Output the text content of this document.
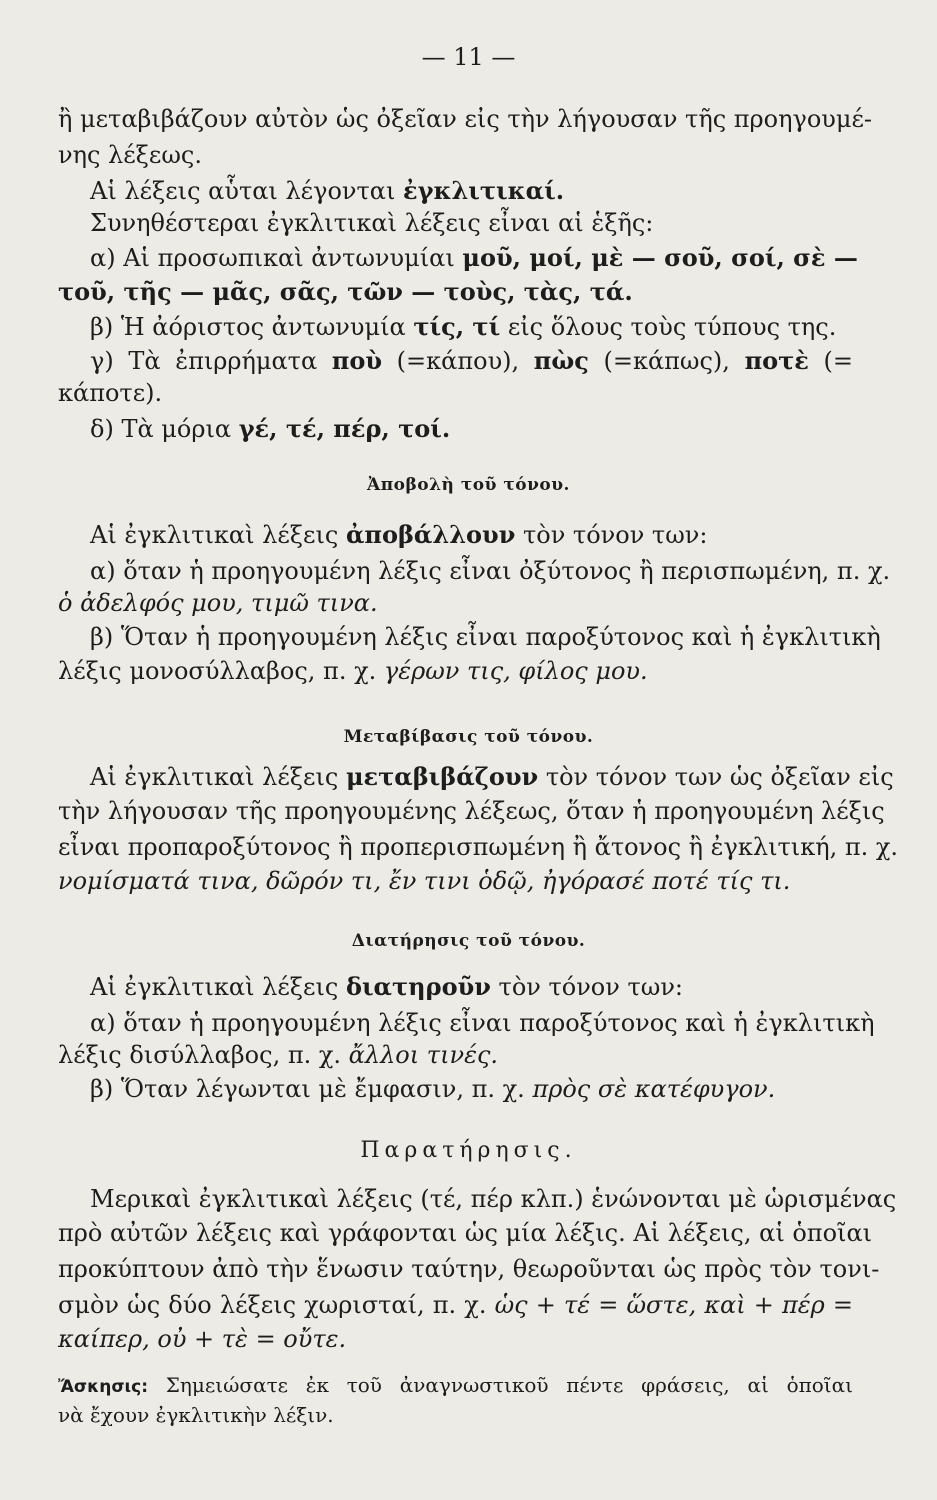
— 11 —
ἢ μεταβιβάζουν αὐτὸν ὡς ὀξεῖαν εἰς τὴν λήγουσαν τῆς προηγουμέ-
νης λέξεως.
Αἱ λέξεις αὗται λέγονται ἐγκλιτικαί.
Συνηθέστεραι ἐγκλιτικαὶ λέξεις εἶναι αἱ ἑξῆς:
α) Αἱ προσωπικαὶ ἀντωνυμίαι μοῦ, μοί, μὲ — σοῦ, σοί, σὲ —
τοῦ, τῆς — μᾶς, σᾶς, τῶν — τοὺς, τὰς, τά.
β) Ἡ ἀόριστος ἀντωνυμία τίς, τί εἰς ὅλους τοὺς τύπους της.
γ) Τὰ ἐπιρρήματα ποὺ (=κάπου), πὼς (=κάπως), ποτὲ (=
κάποτε).
δ) Τὰ μόρια γέ, τέ, πέρ, τοί.
Ἀποβολὴ τοῦ τόνου.
Αἱ ἐγκλιτικαὶ λέξεις ἀποβάλλουν τὸν τόνον των:
α) ὅταν ἡ προηγουμένη λέξις εἶναι ὀξύτονος ἢ περισπωμένη, π. χ.
ὁ ἀδελφός μου, τιμῶ τινα.
β) Ὅταν ἡ προηγουμένη λέξις εἶναι παροξύτονος καὶ ἡ ἐγκλιτικὴ
λέξις μονοσύλλαβος, π. χ. γέρων τις, φίλος μου.
Μεταβίβασις τοῦ τόνου.
Αἱ ἐγκλιτικαὶ λέξεις μεταβιβάζουν τὸν τόνον των ὡς ὀξεῖαν εἰς
τὴν λήγουσαν τῆς προηγουμένης λέξεως, ὅταν ἡ προηγουμένη λέξις
εἶναι προπαροξύτονος ἢ προπερισπωμένη ἢ ἄτονος ἢ ἐγκλιτική, π. χ.
νομίσματά τινα, δῶρόν τι, ἔν τινι ὁδῷ, ἠγόρασέ ποτέ τίς τι.
Διατήρησις τοῦ τόνου.
Αἱ ἐγκλιτικαὶ λέξεις διατηροῦν τὸν τόνον των:
α) ὅταν ἡ προηγουμένη λέξις εἶναι παροξύτονος καὶ ἡ ἐγκλιτικὴ
λέξις δισύλλαβος, π. χ. ἄλλοι τινές.
β) Ὅταν λέγωνται μὲ ἔμφασιν, π. χ. πρὸς σὲ κατέφυγον.
Παρατήρησις.
Μερικαὶ ἐγκλιτικαὶ λέξεις (τέ, πέρ κλπ.) ἑνώνονται μὲ ὡρισμένας
πρὸ αὐτῶν λέξεις καὶ γράφονται ὡς μία λέξις. Αἱ λέξεις, αἱ ὁποῖαι
προκύπτουν ἀπὸ τὴν ἕνωσιν ταύτην, θεωροῦνται ὡς πρὸς τὸν τονι-
σμὸν ὡς δύο λέξεις χωρισταί, π. χ. ὡς + τέ = ὥστε, καὶ + πέρ =
καίπερ, οὐ + τὲ = οὔτε.
Ἄσκησις: Σημειώσατε ἐκ τοῦ ἀναγνωστικοῦ πέντε φράσεις, αἱ ὁποῖαι
νὰ ἔχουν ἐγκλιτικὴν λέξιν.
